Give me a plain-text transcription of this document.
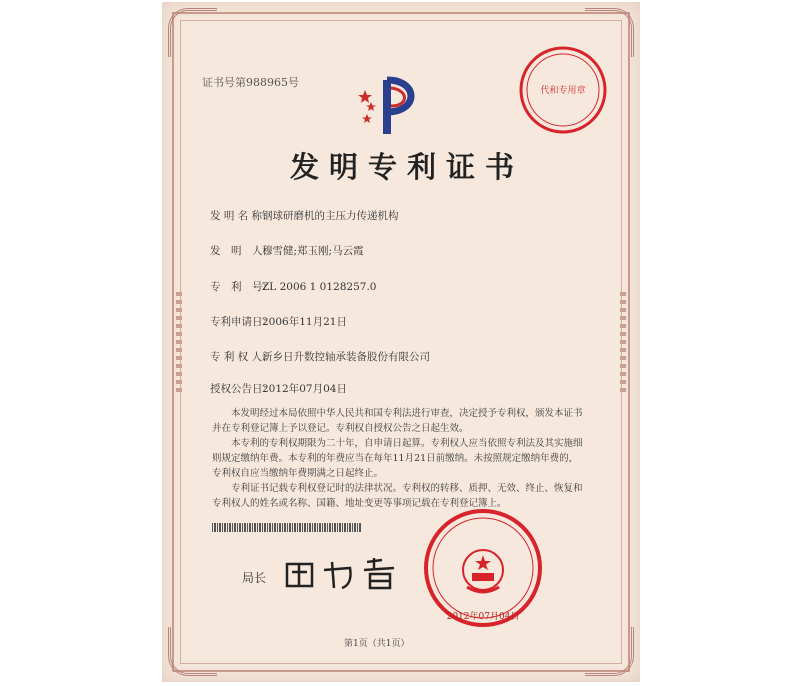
证书号第988965号
代和专用章
发明专利证书
发 明 名 称：钢球研磨机的主压力传递机构
发　明　人：穆雪健;郑玉刚;马云霞
专　利　号：ZL 2006 1 0128257.0
专利申请日：2006年11月21日
专 利 权 人：新乡日升数控轴承装备股份有限公司
授权公告日：2012年07月04日
本发明经过本局依照中华人民共和国专利法进行审查，决定授予专利权，颁发本证书并在专利登记簿上予以登记。专利权自授权公告之日起生效。
本专利的专利权期限为二十年，自申请日起算。专利权人应当依照专利法及其实施细则规定缴纳年费。本专利的年费应当在每年11月21日前缴纳。未按照规定缴纳年费的，专利权自应当缴纳年费期满之日起终止。
专利证书记载专利权登记时的法律状况。专利权的转移、质押、无效、终止、恢复和专利权人的姓名或名称、国籍、地址变更等事项记载在专利登记簿上。
局长
2012年07月04日
第1页（共1页）
